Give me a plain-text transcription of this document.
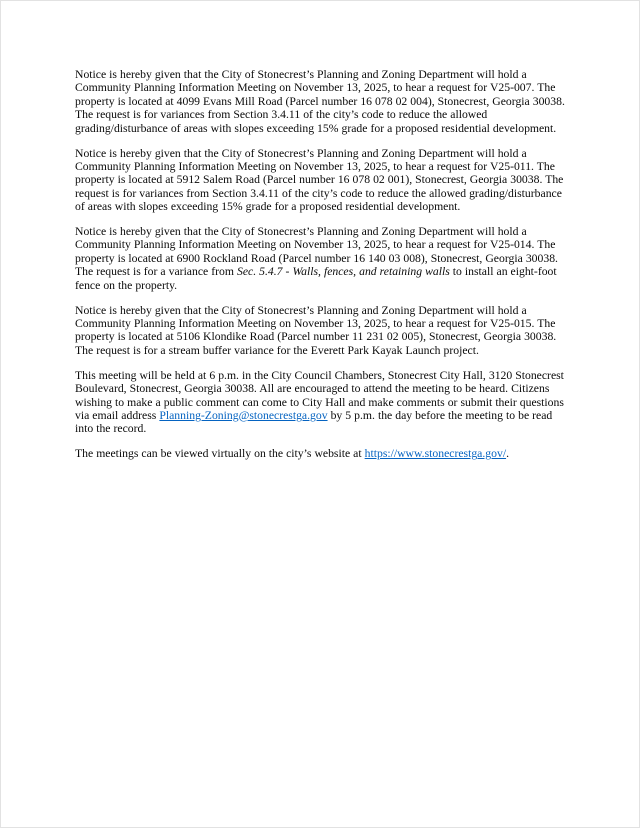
Notice is hereby given that the City of Stonecrest’s Planning and Zoning Department will hold a Community Planning Information Meeting on November 13, 2025, to hear a request for V25-007. The property is located at 4099 Evans Mill Road (Parcel number 16 078 02 004), Stonecrest, Georgia 30038. The request is for variances from Section 3.4.11 of the city’s code to reduce the allowed grading/disturbance of areas with slopes exceeding 15% grade for a proposed residential development.

Notice is hereby given that the City of Stonecrest’s Planning and Zoning Department will hold a Community Planning Information Meeting on November 13, 2025, to hear a request for V25-011. The property is located at 5912 Salem Road (Parcel number 16 078 02 001), Stonecrest, Georgia 30038. The request is for variances from Section 3.4.11 of the city’s code to reduce the allowed grading/disturbance of areas with slopes exceeding 15% grade for a proposed residential development.

Notice is hereby given that the City of Stonecrest’s Planning and Zoning Department will hold a Community Planning Information Meeting on November 13, 2025, to hear a request for V25-014. The property is located at 6900 Rockland Road (Parcel number 16 140 03 008), Stonecrest, Georgia 30038. The request is for a variance from Sec. 5.4.7 - Walls, fences, and retaining walls to install an eight-foot fence on the property.

Notice is hereby given that the City of Stonecrest’s Planning and Zoning Department will hold a Community Planning Information Meeting on November 13, 2025, to hear a request for V25-015. The property is located at 5106 Klondike Road (Parcel number 11 231 02 005), Stonecrest, Georgia 30038. The request is for a stream buffer variance for the Everett Park Kayak Launch project.

This meeting will be held at 6 p.m. in the City Council Chambers, Stonecrest City Hall, 3120 Stonecrest Boulevard, Stonecrest, Georgia 30038. All are encouraged to attend the meeting to be heard. Citizens wishing to make a public comment can come to City Hall and make comments or submit their questions via email address Planning-Zoning@stonecrestga.gov by 5 p.m. the day before the meeting to be read into the record.

The meetings can be viewed virtually on the city’s website at https://www.stonecrestga.gov/.
